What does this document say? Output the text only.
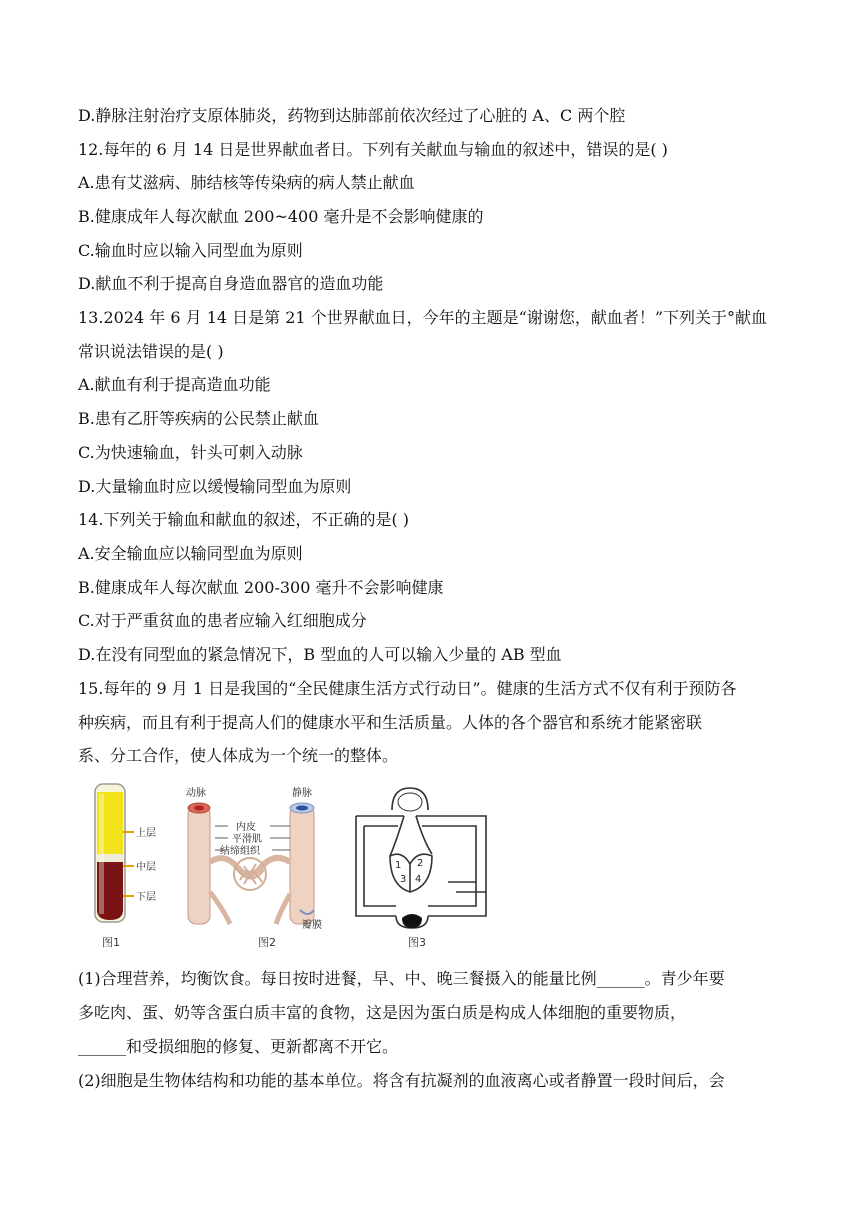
D.静脉注射治疗支原体肺炎，药物到达肺部前依次经过了心脏的 A、C 两个腔
12.每年的 6 月 14 日是世界献血者日。下列有关献血与输血的叙述中，错误的是( )
A.患有艾滋病、肺结核等传染病的病人禁止献血
B.健康成年人每次献血 200~400 毫升是不会影响健康的
C.输血时应以输入同型血为原则
D.献血不利于提高自身造血器官的造血功能
13.2024 年 6 月 14 日是第 21 个世界献血日，今年的主题是“谢谢您，献血者！”下列关于°献血
常识说法错误的是( )
A.献血有利于提高造血功能
B.患有乙肝等疾病的公民禁止献血
C.为快速输血，针头可刺入动脉
D.大量输血时应以缓慢输同型血为原则
14.下列关于输血和献血的叙述，不正确的是( )
A.安全输血应以输同型血为原则
B.健康成年人每次献血 200-300 毫升不会影响健康
C.对于严重贫血的患者应输入红细胞成分
D.在没有同型血的紧急情况下，B 型血的人可以输入少量的 AB 型血
15.每年的 9 月 1 日是我国的“全民健康生活方式行动日”。健康的生活方式不仅有利于预防各
种疾病，而且有利于提高人们的健康水平和生活质量。人体的各个器官和系统才能紧密联
系、分工合作，使人体成为一个统一的整体。
(1)合理营养，均衡饮食。每日按时进餐，早、中、晚三餐摄入的能量比例______。青少年要
多吃肉、蛋、奶等含蛋白质丰富的食物，这是因为蛋白质是构成人体细胞的重要物质，
______和受损细胞的修复、更新都离不开它。
(2)细胞是生物体结构和功能的基本单位。将含有抗凝剂的血液离心或者静置一段时间后，会
上层
中层
下层
图1
动脉	静脉
内皮
平滑肌
结缔组织
瓣膜
图2
1 2
3 4
图3
